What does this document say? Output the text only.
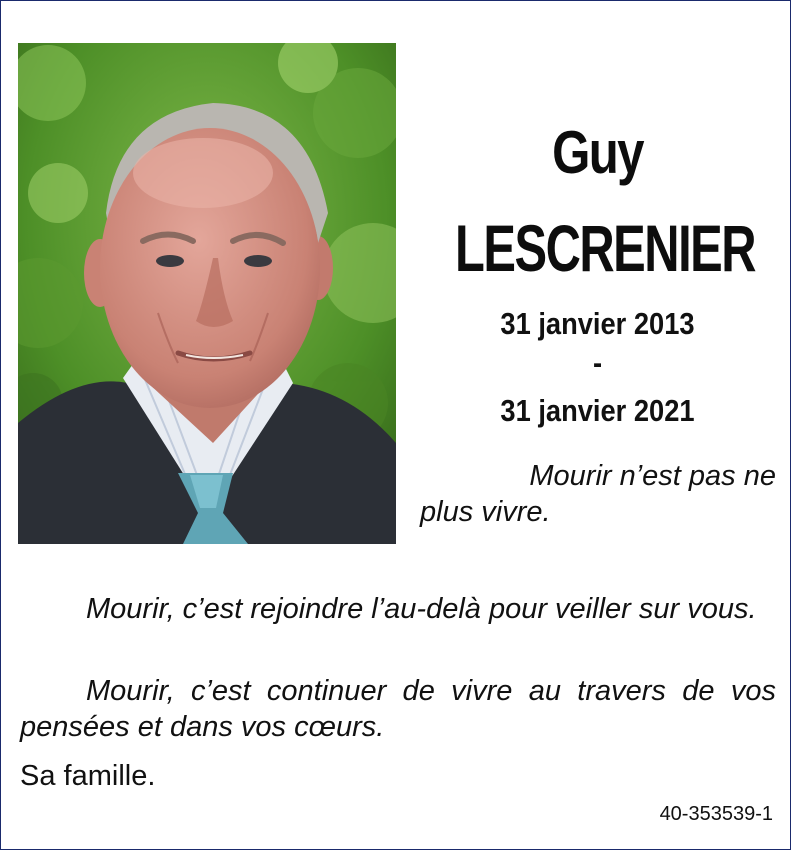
Guy
LESCRENIER
31 janvier 2013
-
31 janvier 2021
Mourir n’est pas ne
plus vivre.
Mourir, c’est rejoindre l’au-delà pour veiller sur vous.
Mourir, c’est continuer de vivre au travers de vos pensées et dans vos cœurs.
Sa famille.
40-353539-1
